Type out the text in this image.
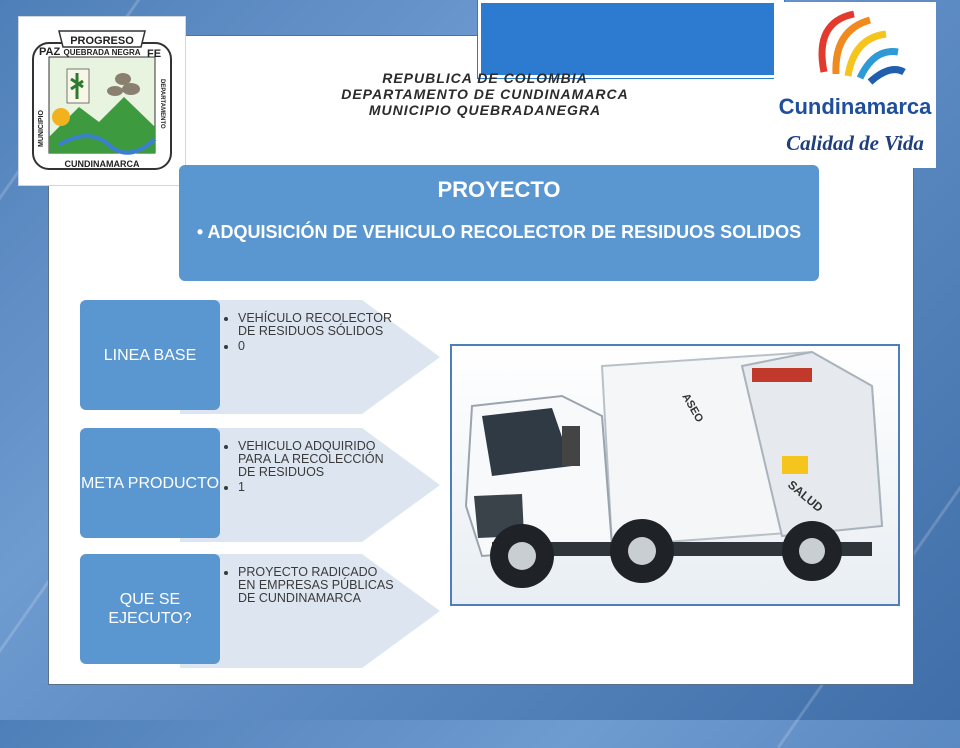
PROGRESO
PAZ	FE
QUEBRADA NEGRA
CUNDINAMARCA
MUNICIPIO	DEPARTAMENTO	Cundinamarca
Calidad de Vida
REPUBLICA DE COLOMBIA
DEPARTAMENTO DE CUNDINAMARCA
MUNICIPIO QUEBRADANEGRA
PROYECTO
• ADQUISICIÓN DE VEHICULO RECOLECTOR DE RESIDUOS SOLIDOS
LINEA BASE
• VEHÍCULO RECOLECTOR DE RESIDUOS SÓLIDOS
• 0
META PRODUCTO
• VEHICULO ADQUIRIDO PARA LA RECOLECCIÓN DE RESIDUOS
• 1
QUE SE EJECUTO?
• PROYECTO RADICADO EN EMPRESAS PÚBLICAS DE CUNDINAMARCA
SALUD
ASEO
